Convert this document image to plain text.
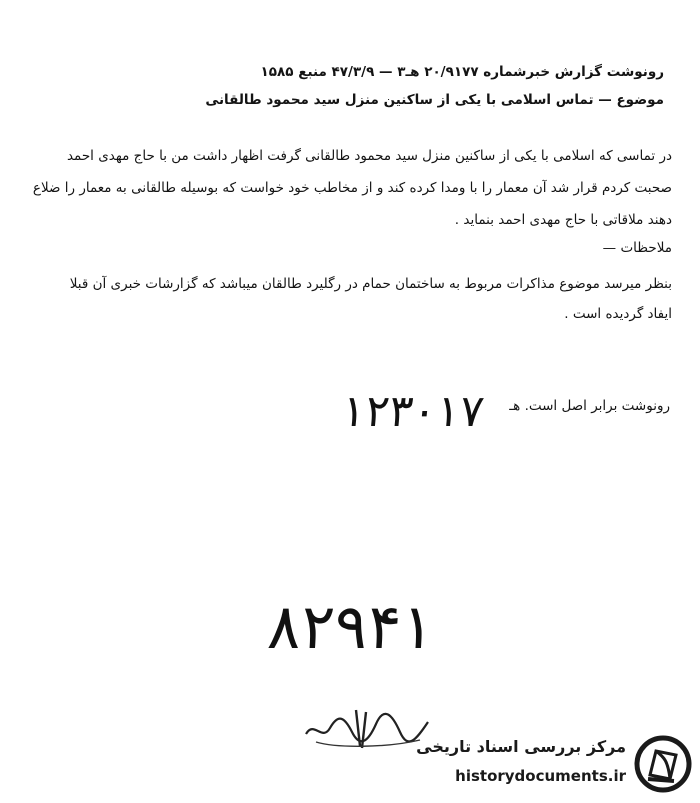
رونوشت گزارش خبرشماره ۲۰/۹۱۷۷ هـ۳ — ۴۷/۳/۹ منبع ۱۵۸۵
موضوع — تماس اسلامی با یکی از ساکنین منزل سید محمود طالقانی
در تماسی که اسلامی با یکی از ساکنین منزل سید محمود طالقانی گرفت اظهار داشت من با حاج مهدی احمد
صحبت کردم قرار شد آن معمار را با ومدا کرده کند و از مخاطب خود خواست که بوسیله طالقانی به معمار را ضلاع
دهند ملاقاتی با حاج مهدی احمد بنماید .
ملاحظات —
بنظر میرسد موضوع مذاکرات مربوط به ساختمان حمام در رگلیرد طالقان میباشد که گزارشات خبری آن قبلا
ایفاد گردیده است .
رونوشت برابر اصل است. هـ
۱۲۳۰۱۷
۸۲۹۴۱
مرکز بررسی اسناد تاریخی
historydocuments.ir
